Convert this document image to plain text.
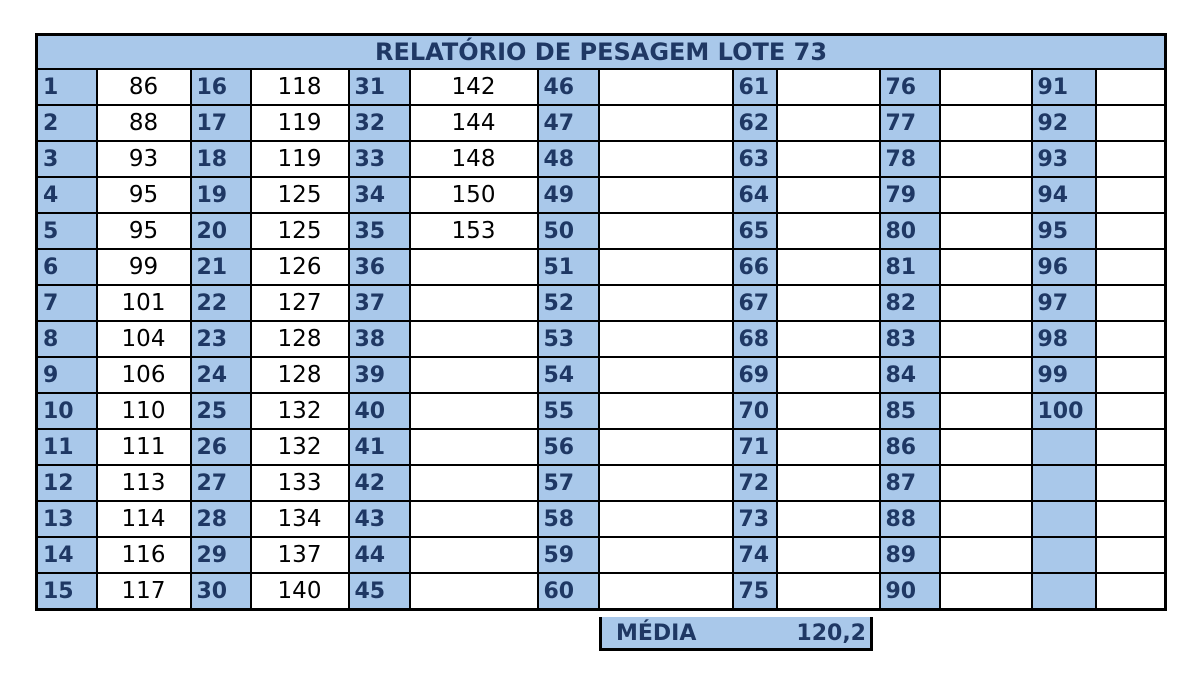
RELATÓRIO DE PESAGEM LOTE 73													
1	86	16	118	31	142	46		61		76		91	
2	88	17	119	32	144	47		62		77		92	
3	93	18	119	33	148	48		63		78		93	
4	95	19	125	34	150	49		64		79		94	
5	95	20	125	35	153	50		65		80		95	
6	99	21	126	36		51		66		81		96	
7	101	22	127	37		52		67		82		97	
8	104	23	128	38		53		68		83		98	
9	106	24	128	39		54		69		84		99	
10	110	25	132	40		55		70		85		100	
11	111	26	132	41		56		71		86			
12	113	27	133	42		57		72		87			
13	114	28	134	43		58		73		88			
14	116	29	137	44		59		74		89			
15	117	30	140	45		60		75		90			
MÉDIA	120,2
